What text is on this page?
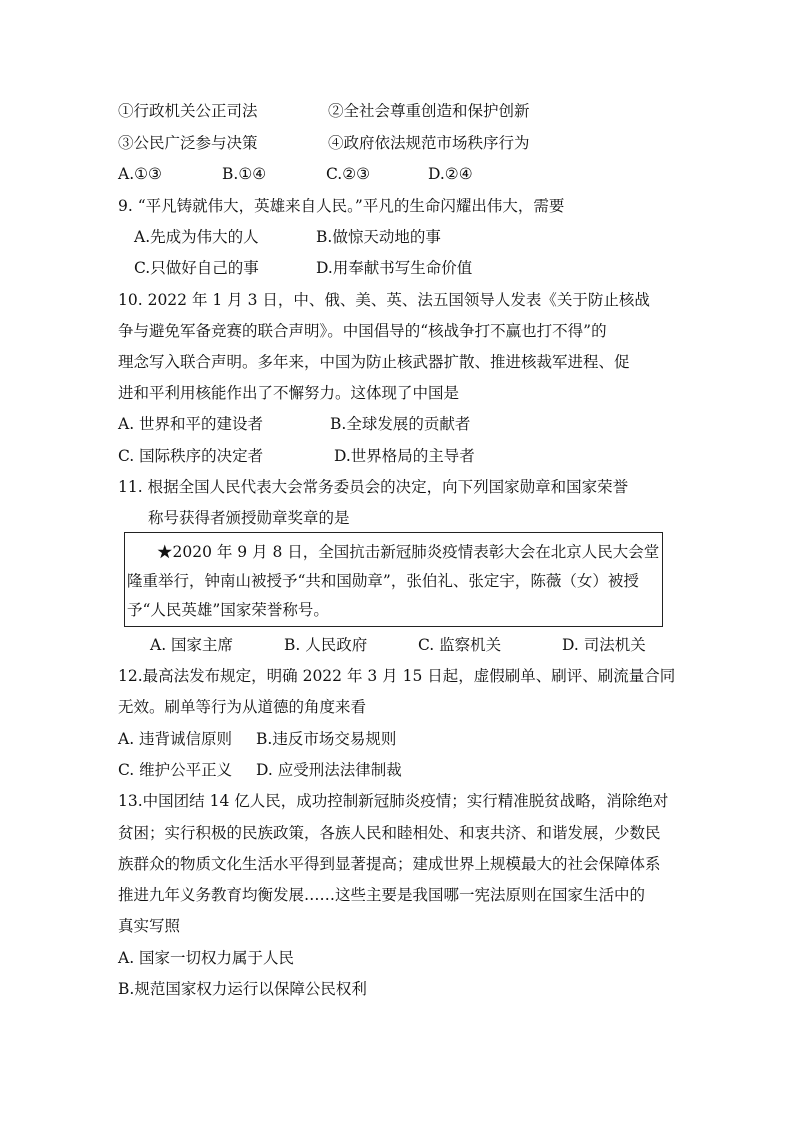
①行政机关公正司法	②全社会尊重创造和保护创新
③公民广泛参与决策	④政府依法规范市场秩序行为
A.①③	B.①④	C.②③	D.②④
9. “平凡铸就伟大，英雄来自人民。”平凡的生命闪耀出伟大，需要
A.先成为伟大的人	B.做惊天动地的事
C.只做好自己的事	D.用奉献书写生命价值
10. 2022 年 1 月 3 日，中、俄、美、英、法五国领导人发表《关于防止核战
争与避免军备竞赛的联合声明》。中国倡导的“核战争打不赢也打不得”的
理念写入联合声明。多年来，中国为防止核武器扩散、推进核裁军进程、促
进和平利用核能作出了不懈努力。这体现了中国是
A. 世界和平的建设者	B.全球发展的贡献者
C. 国际秩序的决定者	D.世界格局的主导者
11. 根据全国人民代表大会常务委员会的决定，向下列国家勋章和国家荣誉
称号获得者颁授勋章奖章的是
★2020 年 9 月 8 日，全国抗击新冠肺炎疫情表彰大会在北京人民大会堂
隆重举行，钟南山被授予“共和国勋章”，张伯礼、张定宇，陈薇（女）被授
予“人民英雄”国家荣誉称号。
A. 国家主席	B. 人民政府	C. 监察机关	D. 司法机关
12.最高法发布规定，明确 2022 年 3 月 15 日起，虚假刷单、刷评、刷流量合同
无效。刷单等行为从道德的角度来看
A. 违背诚信原则 B.违反市场交易规则
C. 维护公平正义 D. 应受刑法法律制裁
13.中国团结 14 亿人民，成功控制新冠肺炎疫情；实行精准脱贫战略，消除绝对
贫困；实行积极的民族政策，各族人民和睦相处、和衷共济、和谐发展，少数民
族群众的物质文化生活水平得到显著提高；建成世界上规模最大的社会保障体系
推进九年义务教育均衡发展……这些主要是我国哪一宪法原则在国家生活中的
真实写照
A. 国家一切权力属于人民
B.规范国家权力运行以保障公民权利
